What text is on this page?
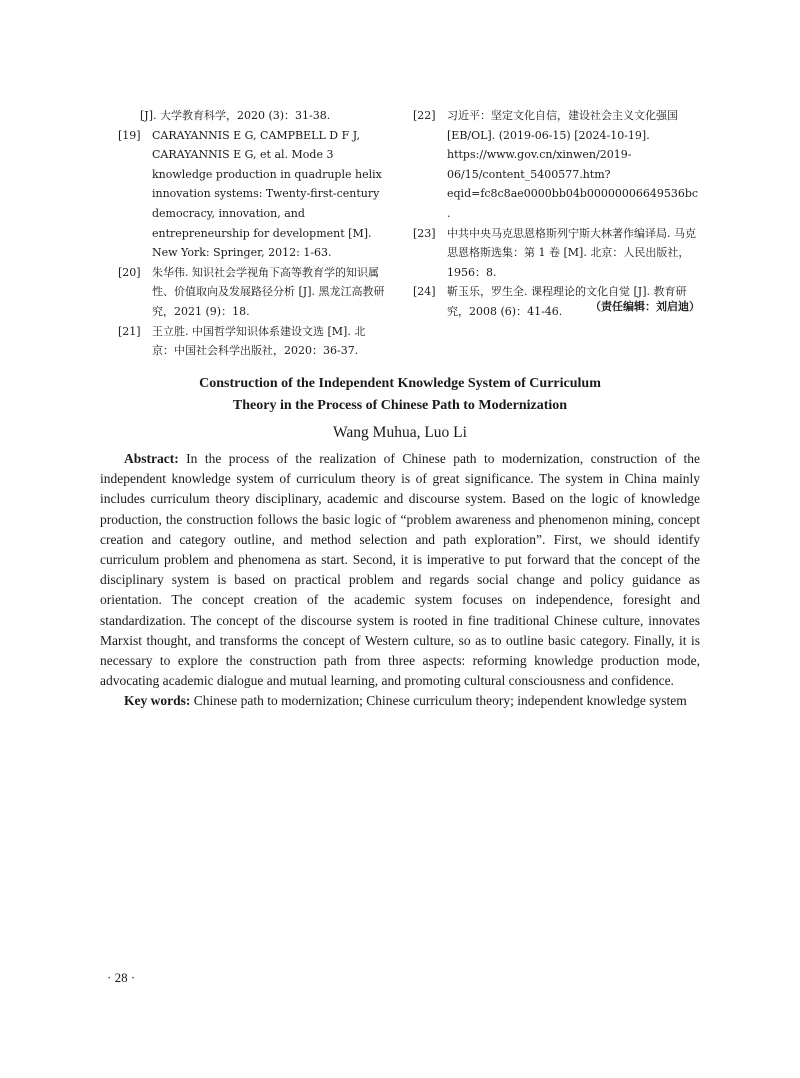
[J]. 大学教育科学，2020 (3)：31-38.
[19]	CARAYANNIS E G, CAMPBELL D F J, CARAYANNIS E G, et al. Mode 3 knowledge production in quadruple helix innovation systems: Twenty-first-century democracy, innovation, and entrepreneurship for development [M]. New York: Springer, 2012: 1-63.
[20]	朱华伟. 知识社会学视角下高等教育学的知识属性、价值取向及发展路径分析 [J]. 黑龙江高教研究，2021 (9)：18.
[21]	王立胜. 中国哲学知识体系建设文选 [M]. 北京：中国社会科学出版社，2020：36-37.
[22]	习近平：坚定文化自信，建设社会主义文化强国 [EB/OL]. (2019-06-15) [2024-10-19]. https://www.gov.cn/xinwen/2019-06/15/content_5400577.htm? eqid=fc8c8ae0000bb04b00000006649536bc.
[23]	中共中央马克思恩格斯列宁斯大林著作编译局. 马克思恩格斯选集：第 1 卷 [M]. 北京：人民出版社，1956：8.
[24]	靳玉乐，罗生全. 课程理论的文化自觉 [J]. 教育研究，2008 (6)：41-46.	（责任编辑：刘启迪）
Construction of the Independent Knowledge System of Curriculum
Theory in the Process of Chinese Path to Modernization
Wang Muhua, Luo Li

Abstract: In the process of the realization of Chinese path to modernization, construction of the independent knowledge system of curriculum theory is of great significance. The system in China mainly includes curriculum theory disciplinary, academic and discourse system. Based on the logic of knowledge production, the construction follows the basic logic of “problem awareness and phenomenon mining, concept creation and category outline, and method selection and path exploration”. First, we should identify curriculum problem and phenomena as start. Second, it is imperative to put forward that the concept of the disciplinary system is based on practical problem and regards social change and policy guidance as orientation. The concept creation of the academic system focuses on independence, foresight and standardization. The concept of the discourse system is rooted in fine traditional Chinese culture, innovates Marxist thought, and transforms the concept of Western culture, so as to outline basic category. Finally, it is necessary to explore the construction path from three aspects: reforming knowledge production mode, advocating academic dialogue and mutual learning, and promoting cultural consciousness and confidence.

Key words: Chinese path to modernization; Chinese curriculum theory; independent knowledge system

· 28 ·
